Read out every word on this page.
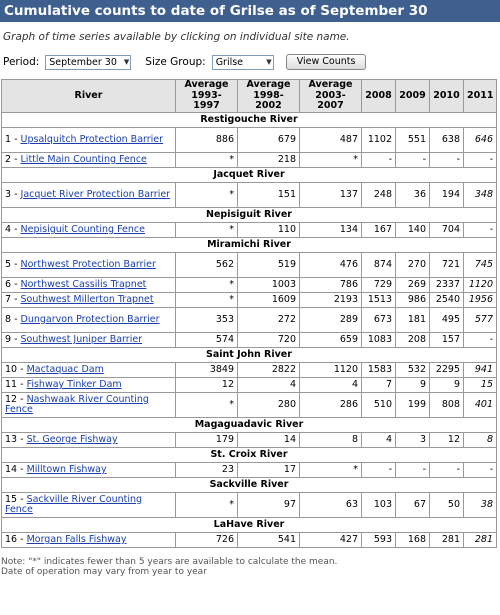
Cumulative counts to date of Grilse as of September 30
Graph of time series available by clicking on individual site name.
Period: September 30 ▼ Size Group: Grilse	▼	View Counts
River	Average 1993-1997	Average 1998-2002	Average 2003-2007	2008	2009	2010	2011
Restigouche River							
1 - Upsalquitch Protection Barrier	886	679	487	1102	551	638	646
2 - Little Main Counting Fence	*	218	*	-	-	-	-
Jacquet River							
3 - Jacquet River Protection Barrier	*	151	137	248	36	194	348
Nepisiguit River							
4 - Nepisiguit Counting Fence	*	110	134	167	140	704	-
Miramichi River							
5 - Northwest Protection Barrier	562	519	476	874	270	721	745
6 - Northwest Cassilis Trapnet	*	1003	786	729	269	2337	1120
7 - Southwest Millerton Trapnet	*	1609	2193	1513	986	2540	1956
8 - Dungarvon Protection Barrier	353	272	289	673	181	495	577
9 - Southwest Juniper Barrier	574	720	659	1083	208	157	-
Saint John River							
10 - Mactaquac Dam	3849	2822	1120	1583	532	2295	941
11 - Fishway Tinker Dam	12	4	4	7	9	9	15
12 - Nashwaak River Counting Fence	*	280	286	510	199	808	401
Magaguadavic River							
13 - St. George Fishway	179	14	8	4	3	12	8
St. Croix River							
14 - Milltown Fishway	23	17	*	-	-	-	-
Sackville River							
15 - Sackville River Counting Fence	*	97	63	103	67	50	38
LaHave River							
16 - Morgan Falls Fishway	726	541	427	593	168	281	281
Note: "*" indicates fewer than 5 years are available to calculate the mean.
Date of operation may vary from year to year
